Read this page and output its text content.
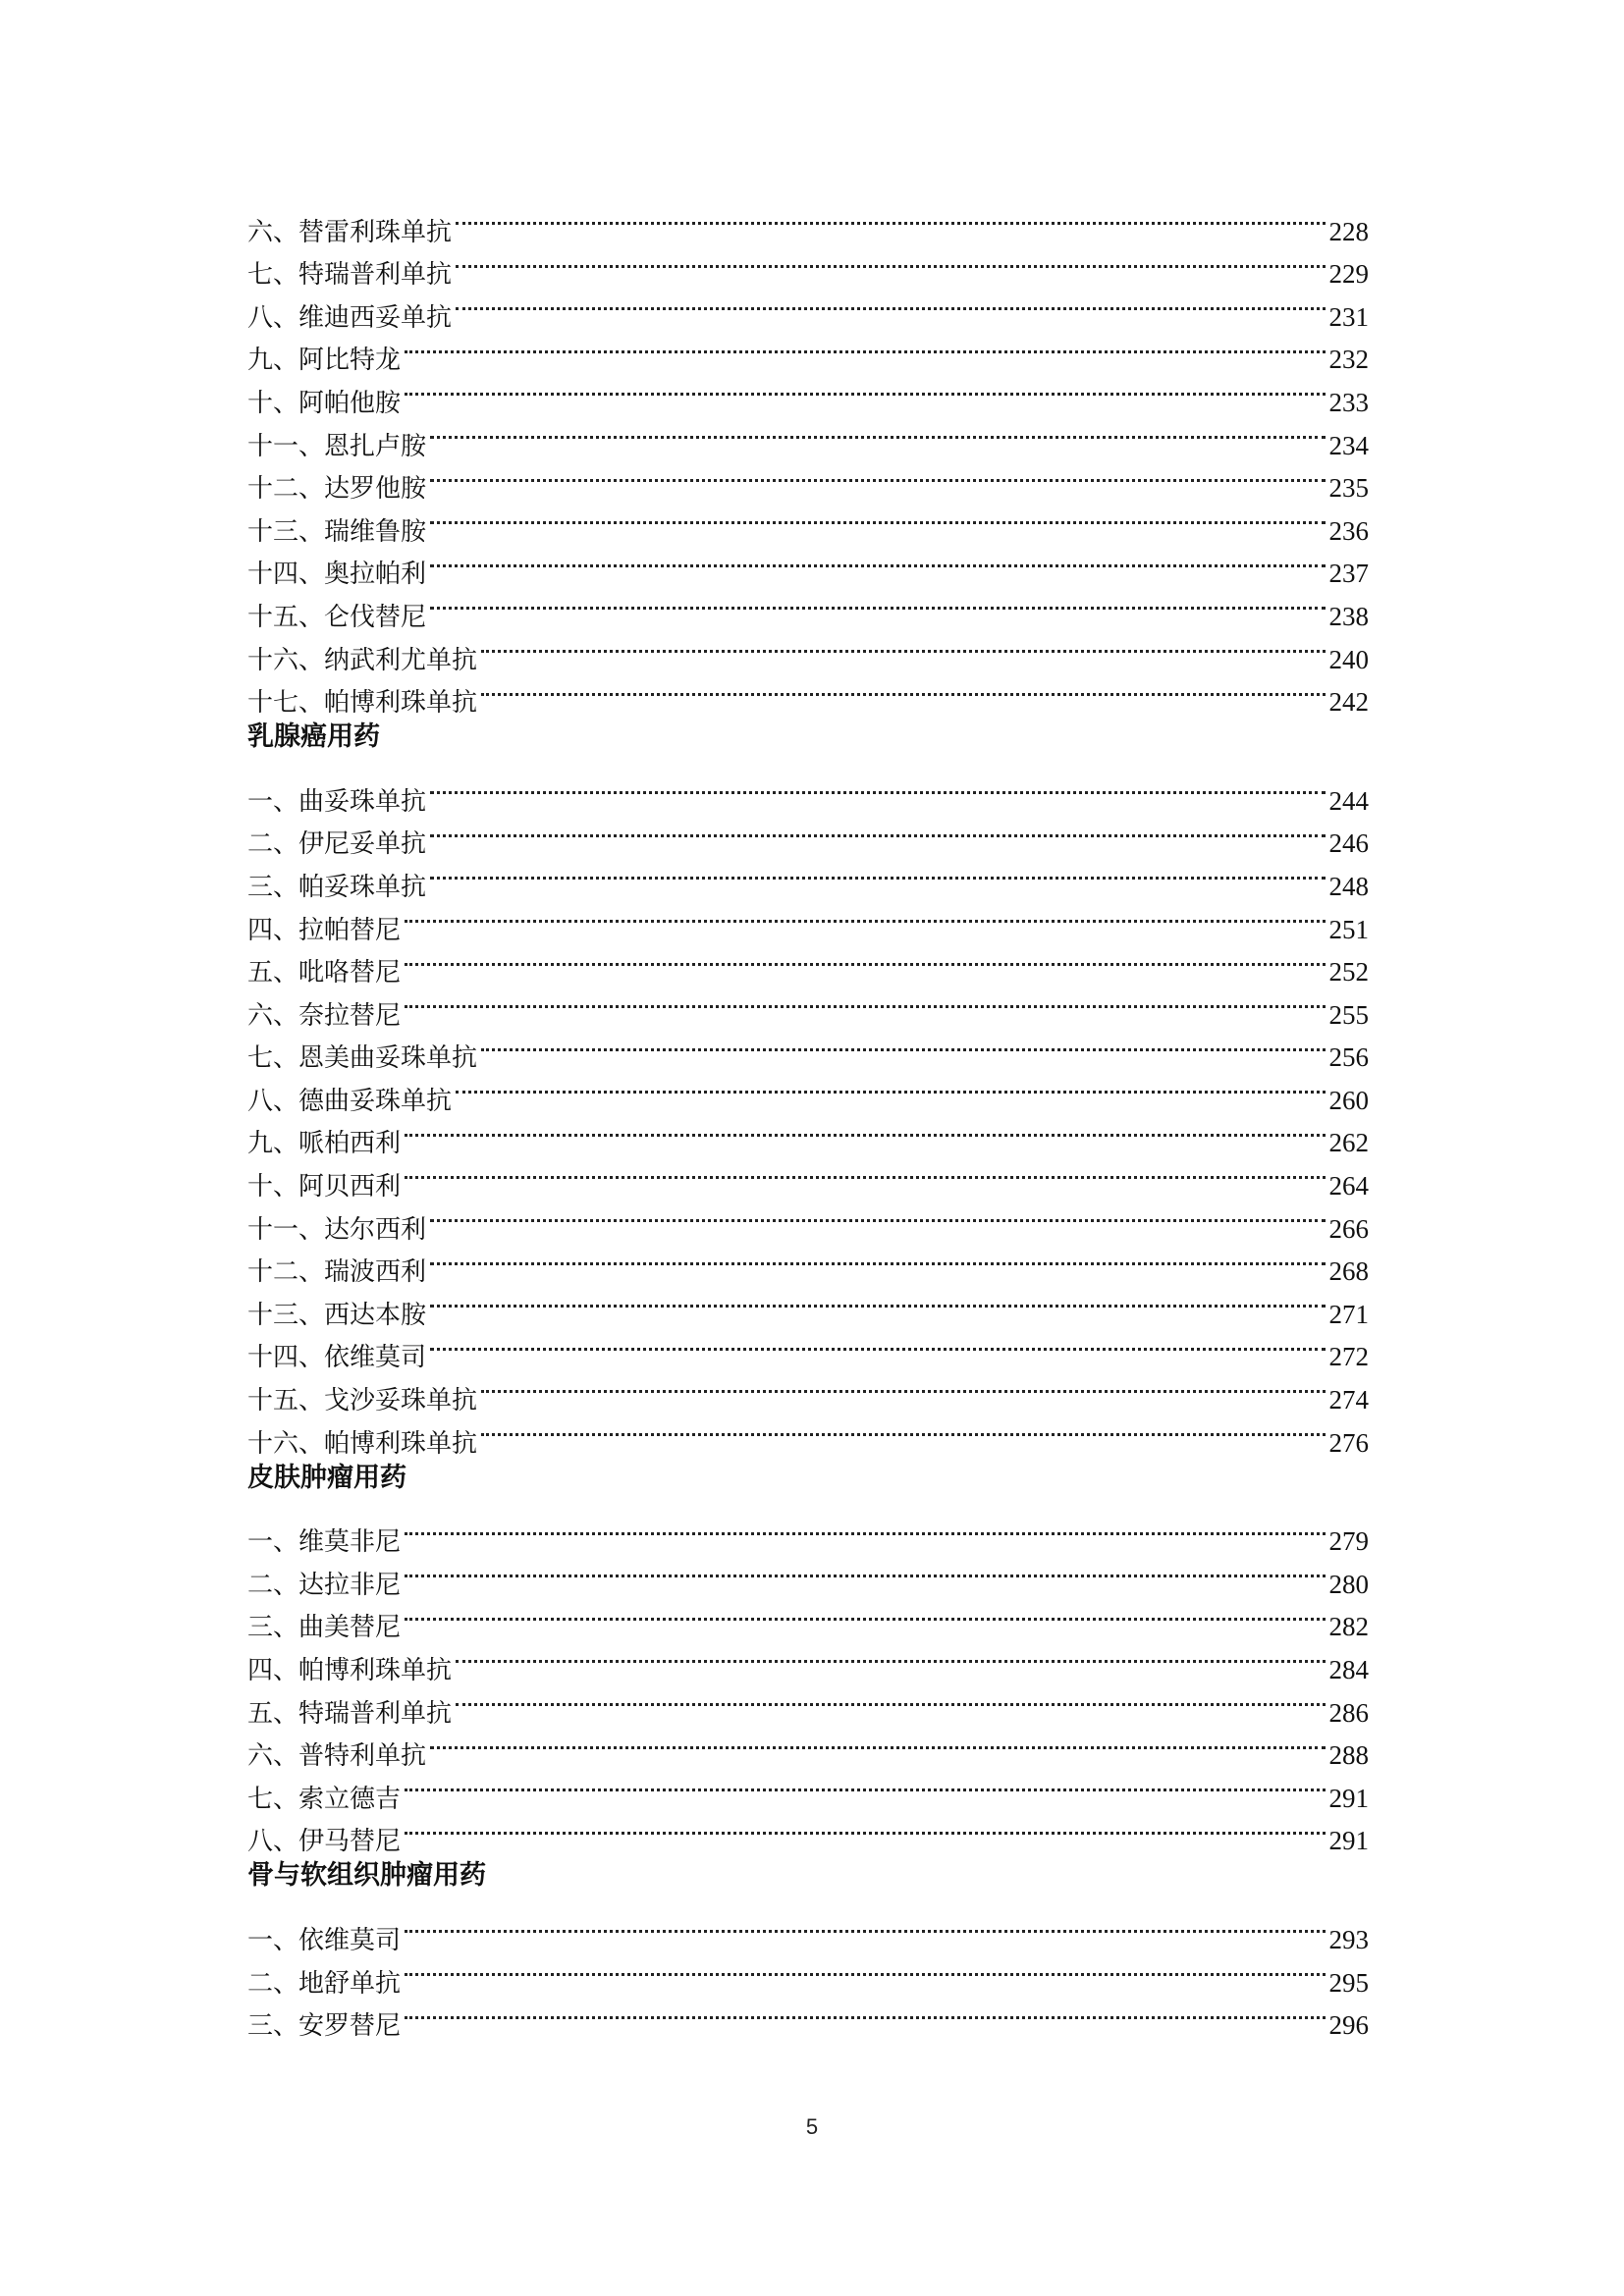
六、替雷利珠单抗	228
七、特瑞普利单抗	229
八、维迪西妥单抗	231
九、阿比特龙	232
十、阿帕他胺	233
十一、恩扎卢胺	234
十二、达罗他胺	235
十三、瑞维鲁胺	236
十四、奥拉帕利	237
十五、仑伐替尼	238
十六、纳武利尤单抗	240
十七、帕博利珠单抗	242
乳腺癌用药
一、曲妥珠单抗	244
二、伊尼妥单抗	246
三、帕妥珠单抗	248
四、拉帕替尼	251
五、吡咯替尼	252
六、奈拉替尼	255
七、恩美曲妥珠单抗	256
八、德曲妥珠单抗	260
九、哌柏西利	262
十、阿贝西利	264
十一、达尔西利	266
十二、瑞波西利	268
十三、西达本胺	271
十四、依维莫司	272
十五、戈沙妥珠单抗	274
十六、帕博利珠单抗	276
皮肤肿瘤用药
一、维莫非尼	279
二、达拉非尼	280
三、曲美替尼	282
四、帕博利珠单抗	284
五、特瑞普利单抗	286
六、普特利单抗	288
七、索立德吉	291
八、伊马替尼	291
骨与软组织肿瘤用药
一、依维莫司	293
二、地舒单抗	295
三、安罗替尼	296
5
